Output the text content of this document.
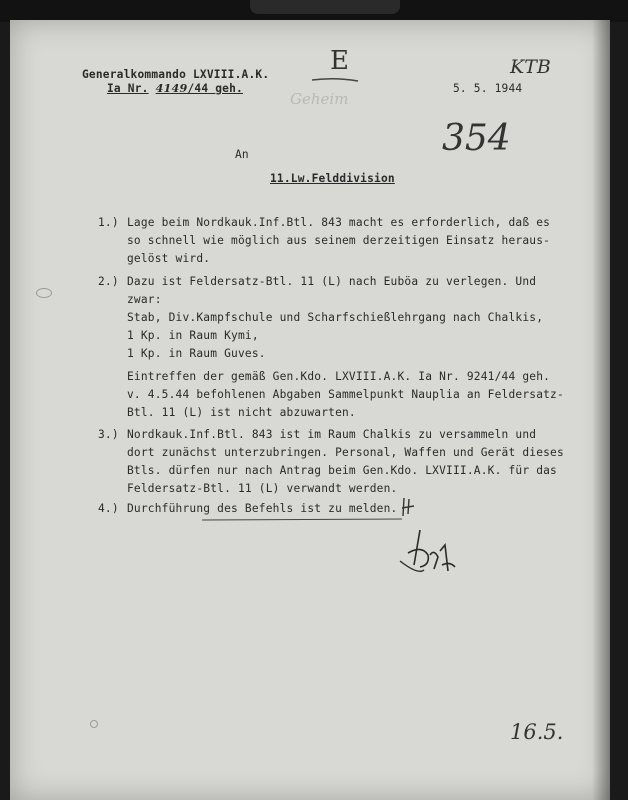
Generalkommando LXVIII.A.K.
Ia Nr. 4149/44 geh.	5. 5. 1944
Geheim
E	KTB
354
An
11.Lw.Felddivision
1.) Lage beim Nordkauk.Inf.Btl. 843 macht es erforderlich, daß es
so schnell wie möglich aus seinem derzeitigen Einsatz heraus-
gelöst wird.
2.) Dazu ist Feldersatz-Btl. 11 (L) nach Euböa zu verlegen. Und
zwar:
Stab, Div.Kampfschule und Scharfschießlehrgang nach Chalkis,
1 Kp. in Raum Kymi,
1 Kp. in Raum Guves.
Eintreffen der gemäß Gen.Kdo. LXVIII.A.K. Ia Nr. 9241/44 geh.
v. 4.5.44 befohlenen Abgaben Sammelpunkt Nauplia an Feldersatz-
Btl. 11 (L) ist nicht abzuwarten.
3.) Nordkauk.Inf.Btl. 843 ist im Raum Chalkis zu versammeln und
dort zunächst unterzubringen. Personal, Waffen und Gerät dieses
Btls. dürfen nur nach Antrag beim Gen.Kdo. LXVIII.A.K. für das
Feldersatz-Btl. 11 (L) verwandt werden.
4.) Durchführung des Befehls ist zu melden.
16.5.
